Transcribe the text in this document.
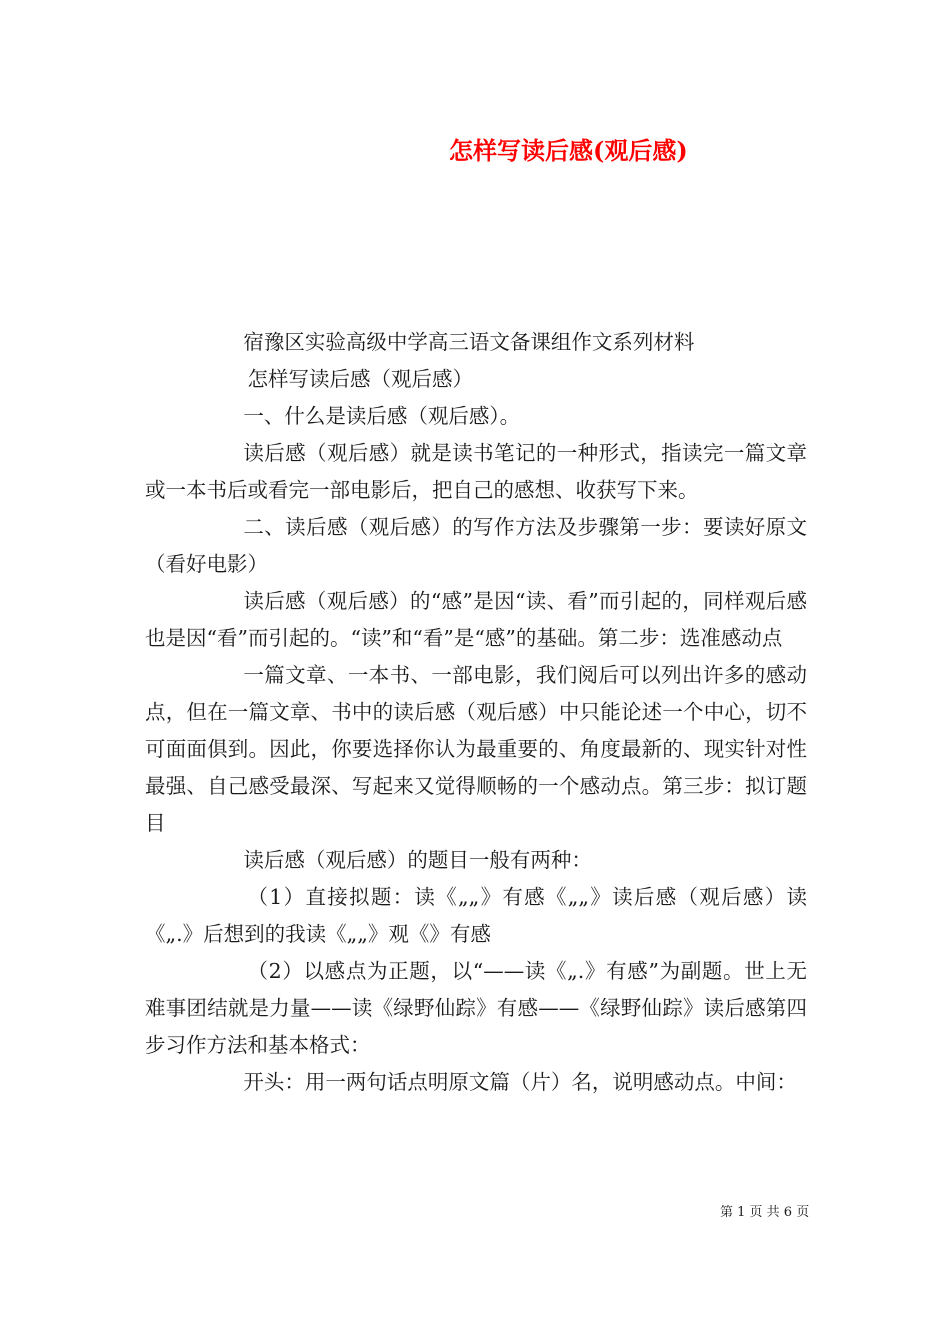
怎样写读后感(观后感)

宿豫区实验高级中学高三语文备课组作文系列材料

怎样写读后感（观后感）

一、什么是读后感（观后感）。

读后感（观后感）就是读书笔记的一种形式，指读完一篇文章或一本书后或看完一部电影后，把自己的感想、收获写下来。

二、读后感（观后感）的写作方法及步骤第一步：要读好原文（看好电影）

读后感（观后感）的“感”是因“读、看”而引起的，同样观后感也是因“看”而引起的。“读”和“看”是“感”的基础。第二步：选准感动点

一篇文章、一本书、一部电影，我们阅后可以列出许多的感动点，但在一篇文章、书中的读后感（观后感）中只能论述一个中心，切不可面面俱到。因此，你要选择你认为最重要的、角度最新的、现实针对性最强、自己感受最深、写起来又觉得顺畅的一个感动点。第三步：拟订题目

读后感（观后感）的题目一般有两种：

（1）直接拟题：读《„„》有感《„„》读后感（观后感）读《„.》后想到的我读《„„》观《》有感

（2）以感点为正题，以“——读《„.》有感”为副题。世上无难事团结就是力量——读《绿野仙踪》有感——《绿野仙踪》读后感第四步习作方法和基本格式：

开头：用一两句话点明原文篇（片）名，说明感动点。中间：

第 1 页 共 6 页
